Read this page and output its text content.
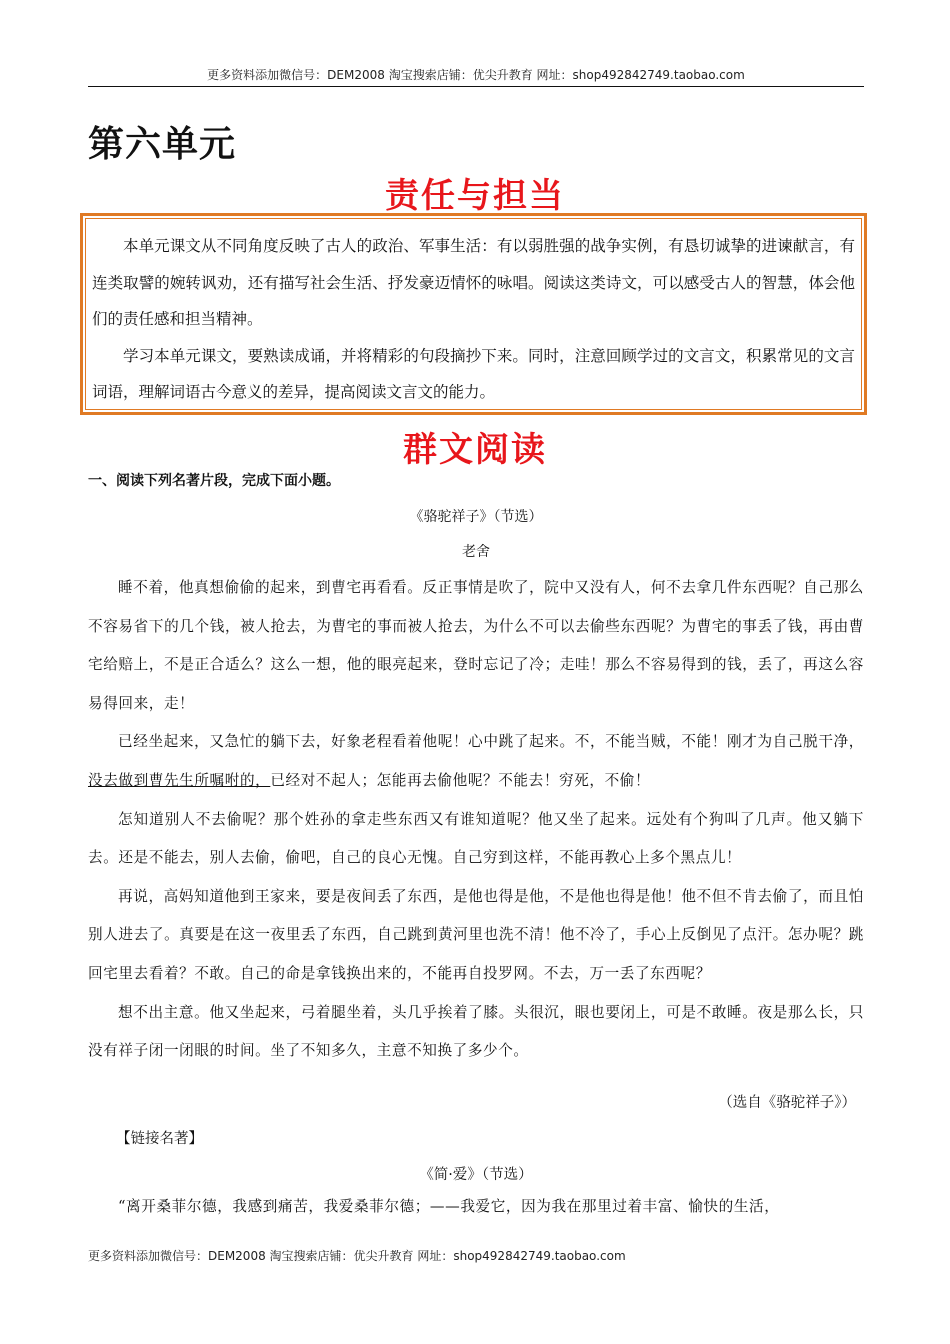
更多资料添加微信号：DEM2008 淘宝搜索店铺：优尖升教育 网址：shop492842749.taobao.com
第六单元
责任与担当

本单元课文从不同角度反映了古人的政治、军事生活：有以弱胜强的战争实例，有恳切诚挚的进谏献言，有连类取譬的婉转讽劝，还有描写社会生活、抒发豪迈情怀的咏唱。阅读这类诗文，可以感受古人的智慧，体会他们的责任感和担当精神。

学习本单元课文，要熟读成诵，并将精彩的句段摘抄下来。同时，注意回顾学过的文言文，积累常见的文言词语，理解词语古今意义的差异，提高阅读文言文的能力。

群文阅读
一、阅读下列名著片段，完成下面小题。
《骆驼祥子》（节选）
老舍

睡不着，他真想偷偷的起来，到曹宅再看看。反正事情是吹了，院中又没有人，何不去拿几件东西呢？自己那么不容易省下的几个钱，被人抢去，为曹宅的事而被人抢去，为什么不可以去偷些东西呢？为曹宅的事丢了钱，再由曹宅给赔上，不是正合适么？这么一想，他的眼亮起来，登时忘记了冷；走哇！那么不容易得到的钱，丢了，再这么容易得回来，走！

已经坐起来，又急忙的躺下去，好象老程看着他呢！心中跳了起来。不，不能当贼，不能！刚才为自己脱干净，没去做到曹先生所嘱咐的，已经对不起人；怎能再去偷他呢？不能去！穷死，不偷！

怎知道别人不去偷呢？那个姓孙的拿走些东西又有谁知道呢？他又坐了起来。远处有个狗叫了几声。他又躺下去。还是不能去，别人去偷，偷吧，自己的良心无愧。自己穷到这样，不能再教心上多个黑点儿！

再说，高妈知道他到王家来，要是夜间丢了东西，是他也得是他，不是他也得是他！他不但不肯去偷了，而且怕别人进去了。真要是在这一夜里丢了东西，自己跳到黄河里也洗不清！他不冷了，手心上反倒见了点汗。怎办呢？跳回宅里去看着？不敢。自己的命是拿钱换出来的，不能再自投罗网。不去，万一丢了东西呢？

想不出主意。他又坐起来，弓着腿坐着，头几乎挨着了膝。头很沉，眼也要闭上，可是不敢睡。夜是那么长，只没有祥子闭一闭眼的时间。坐了不知多久，主意不知换了多少个。

（选自《骆驼祥子》）
【链接名著】
《简·爱》（节选）

“离开桑菲尔德，我感到痛苦，我爱桑菲尔德；——我爱它，因为我在那里过着丰富、愉快的生活，

更多资料添加微信号：DEM2008 淘宝搜索店铺：优尖升教育 网址：shop492842749.taobao.com
